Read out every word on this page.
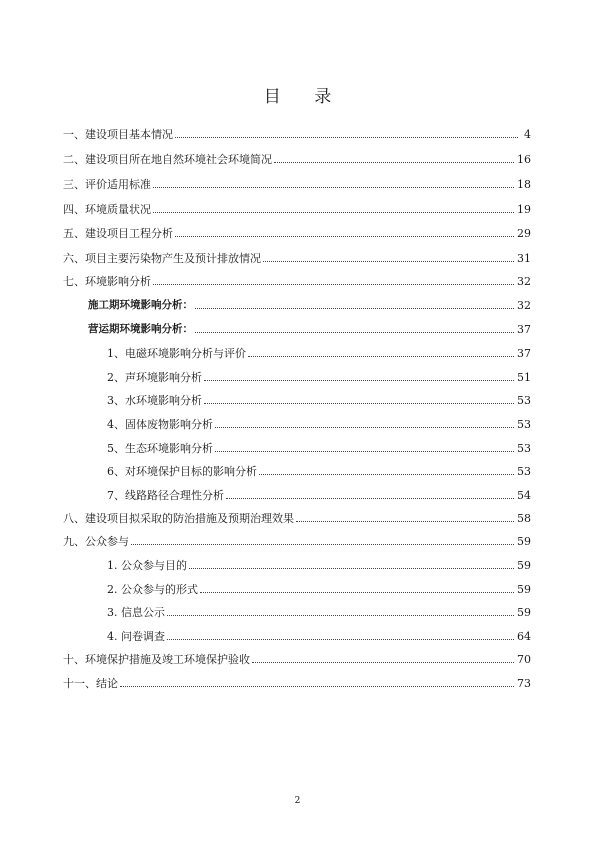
目 录
一、建设项目基本情况	4
二、建设项目所在地自然环境社会环境简况	16
三、评价适用标准	18
四、环境质量状况	19
五、建设项目工程分析	29
六、项目主要污染物产生及预计排放情况	31
七、环境影响分析	32
施工期环境影响分析：	32
营运期环境影响分析：	37
1、电磁环境影响分析与评价	37
2、声环境影响分析	51
3、水环境影响分析	53
4、固体废物影响分析	53
5、生态环境影响分析	53
6、对环境保护目标的影响分析	53
7、线路路径合理性分析	54
八、建设项目拟采取的防治措施及预期治理效果	58
九、公众参与	59
1. 公众参与目的	59
2. 公众参与的形式	59
3. 信息公示	59
4. 问卷调查	64
十、环境保护措施及竣工环境保护验收	70
十一、结论	73
2
